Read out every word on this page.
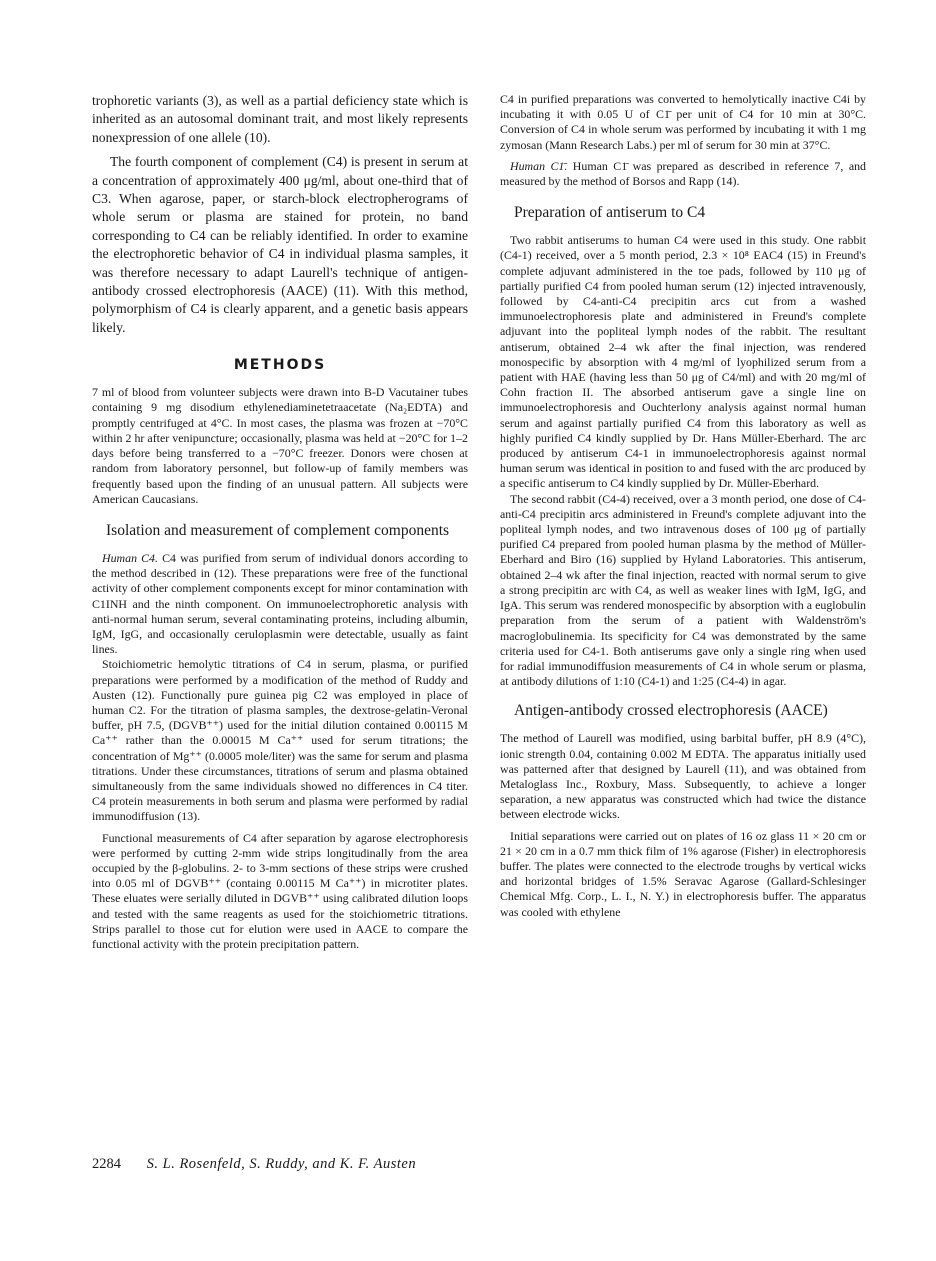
trophoretic variants (3), as well as a partial deficiency state which is inherited as an autosomal dominant trait, and most likely represents nonexpression of one allele (10).

The fourth component of complement (C4) is present in serum at a concentration of approximately 400 μg/ml, about one-third that of C3. When agarose, paper, or starch-block electropherograms of whole serum or plasma are stained for protein, no band corresponding to C4 can be reliably identified. In order to examine the electrophoretic behavior of C4 in individual plasma samples, it was therefore necessary to adapt Laurell's technique of antigen-antibody crossed electrophoresis (AACE) (11). With this method, polymorphism of C4 is clearly apparent, and a genetic basis appears likely.

METHODS

7 ml of blood from volunteer subjects were drawn into B-D Vacutainer tubes containing 9 mg disodium ethylenediaminetetraacetate (Na₂EDTA) and promptly centrifuged at 4°C. In most cases, the plasma was frozen at −70°C within 2 hr after venipuncture; occasionally, plasma was held at −20°C for 1–2 days before being transferred to a −70°C freezer. Donors were chosen at random from laboratory personnel, but follow-up of family members was frequently based upon the finding of an unusual pattern. All subjects were American Caucasians.

Isolation and measurement of complement components

Human C4. C4 was purified from serum of individual donors according to the method described in (12). These preparations were free of the functional activity of other complement components except for minor contamination with C1INH and the ninth component. On immunoelectrophoretic analysis with anti-normal human serum, several contaminating proteins, including albumin, IgM, IgG, and occasionally ceruloplasmin were detectable, usually as faint lines.

Stoichiometric hemolytic titrations of C4 in serum, plasma, or purified preparations were performed by a modification of the method of Ruddy and Austen (12). Functionally pure guinea pig C2 was employed in place of human C2. For the titration of plasma samples, the dextrose-gelatin-Veronal buffer, pH 7.5, (DGVB⁺⁺) used for the initial dilution contained 0.00115 M Ca⁺⁺ rather than the 0.00015 M Ca⁺⁺ used for serum titrations; the concentration of Mg⁺⁺ (0.0005 mole/liter) was the same for serum and plasma titrations. Under these circumstances, titrations of serum and plasma obtained simultaneously from the same individuals showed no differences in C4 titer. C4 protein measurements in both serum and plasma were performed by radial immunodiffusion (13).

Functional measurements of C4 after separation by agarose electrophoresis were performed by cutting 2-mm wide strips longitudinally from the area occupied by the β-globulins. 2- to 3-mm sections of these strips were crushed into 0.05 ml of DGVB⁺⁺ (containg 0.00115 M Ca⁺⁺) in microtiter plates. These eluates were serially diluted in DGVB⁺⁺ using calibrated dilution loops and tested with the same reagents as used for the stoichiometric titrations. Strips parallel to those cut for elution were used in AACE to compare the functional activity with the protein precipitation pattern.

C4 in purified preparations was converted to hemolytically inactive C4i by incubating it with 0.05 U of C1̄ per unit of C4 for 10 min at 30°C. Conversion of C4 in whole serum was performed by incubating it with 1 mg zymosan (Mann Research Labs.) per ml of serum for 30 min at 37°C.

Human C1̄. Human C1̄ was prepared as described in reference 7, and measured by the method of Borsos and Rapp (14).

Preparation of antiserum to C4

Two rabbit antiserums to human C4 were used in this study. One rabbit (C4-1) received, over a 5 month period, 2.3 × 10⁸ EAC4 (15) in Freund's complete adjuvant administered in the toe pads, followed by 110 μg of partially purified C4 from pooled human serum (12) injected intravenously, followed by C4-anti-C4 precipitin arcs cut from a washed immunoelectrophoresis plate and administered in Freund's complete adjuvant into the popliteal lymph nodes of the rabbit. The resultant antiserum, obtained 2–4 wk after the final injection, was rendered monospecific by absorption with 4 mg/ml of lyophilized serum from a patient with HAE (having less than 50 μg of C4/ml) and with 20 mg/ml of Cohn fraction II. The absorbed antiserum gave a single line on immunoelectrophoresis and Ouchterlony analysis against normal human serum and against partially purified C4 from this laboratory as well as highly purified C4 kindly supplied by Dr. Hans Müller-Eberhard. The arc produced by antiserum C4-1 in immunoelectrophoresis against normal human serum was identical in position to and fused with the arc produced by a specific antiserum to C4 kindly supplied by Dr. Müller-Eberhard.

The second rabbit (C4-4) received, over a 3 month period, one dose of C4-anti-C4 precipitin arcs administered in Freund's complete adjuvant into the popliteal lymph nodes, and two intravenous doses of 100 μg of partially purified C4 prepared from pooled human plasma by the method of Müller-Eberhard and Biro (16) supplied by Hyland Laboratories. This antiserum, obtained 2–4 wk after the final injection, reacted with normal serum to give a strong precipitin arc with C4, as well as weaker lines with IgM, IgG, and IgA. This serum was rendered monospecific by absorption with a euglobulin preparation from the serum of a patient with Waldenström's macroglobulinemia. Its specificity for C4 was demonstrated by the same criteria used for C4-1. Both antiserums gave only a single ring when used for radial immunodiffusion measurements of C4 in whole serum or plasma, at antibody dilutions of 1:10 (C4-1) and 1:25 (C4-4) in agar.

Antigen-antibody crossed electrophoresis (AACE)

The method of Laurell was modified, using barbital buffer, pH 8.9 (4°C), ionic strength 0.04, containing 0.002 M EDTA. The apparatus initially used was patterned after that designed by Laurell (11), and was obtained from Metaloglass Inc., Roxbury, Mass. Subsequently, to achieve a longer separation, a new apparatus was constructed which had twice the distance between electrode wicks.

Initial separations were carried out on plates of 16 oz glass 11 × 20 cm or 21 × 20 cm in a 0.7 mm thick film of 1% agarose (Fisher) in electrophoresis buffer. The plates were connected to the electrode troughs by vertical wicks and horizontal bridges of 1.5% Seravac Agarose (Gallard-Schlesinger Chemical Mfg. Corp., L. I., N. Y.) in electrophoresis buffer. The apparatus was cooled with ethylene

2284 S. L. Rosenfeld, S. Ruddy, and K. F. Austen
